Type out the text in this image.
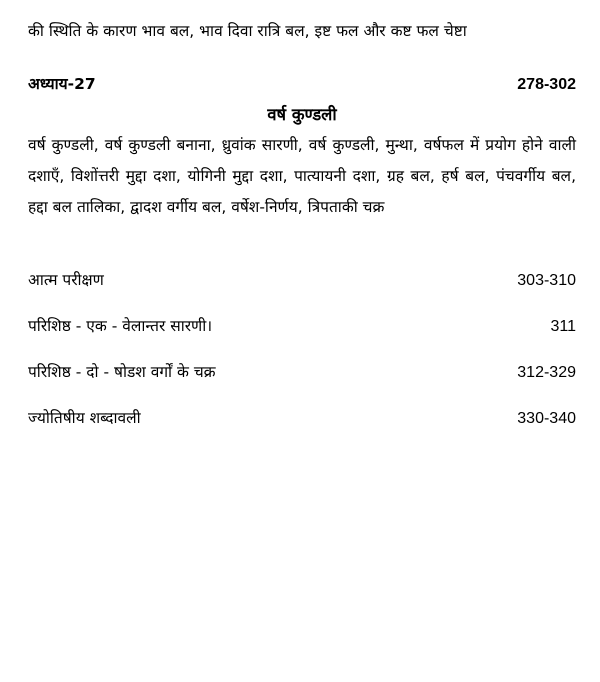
की स्थिति के कारण भाव बल, भाव दिवा रात्रि बल, इष्ट फल और कष्ट फल चेष्टा

अध्याय-27	278-302
वर्ष कुण्डली

वर्ष कुण्डली, वर्ष कुण्डली बनाना, ध्रुवांक सारणी, वर्ष कुण्डली, मुन्था, वर्षफल में प्रयोग होने वाली दशाएँ, विशोंत्तरी मुद्दा दशा, योगिनी मुद्दा दशा, पात्यायनी दशा, ग्रह बल, हर्ष बल, पंचवर्गीय बल, हद्दा बल तालिका, द्वादश वर्गीय बल, वर्षेश-निर्णय, त्रिपताकी चक्र

आत्म परीक्षण	303-310
परिशिष्ठ - एक - वेलान्तर सारणी।	311
परिशिष्ठ - दो - षोडश वर्गों के चक्र	312-329
ज्योतिषीय शब्दावली	330-340
